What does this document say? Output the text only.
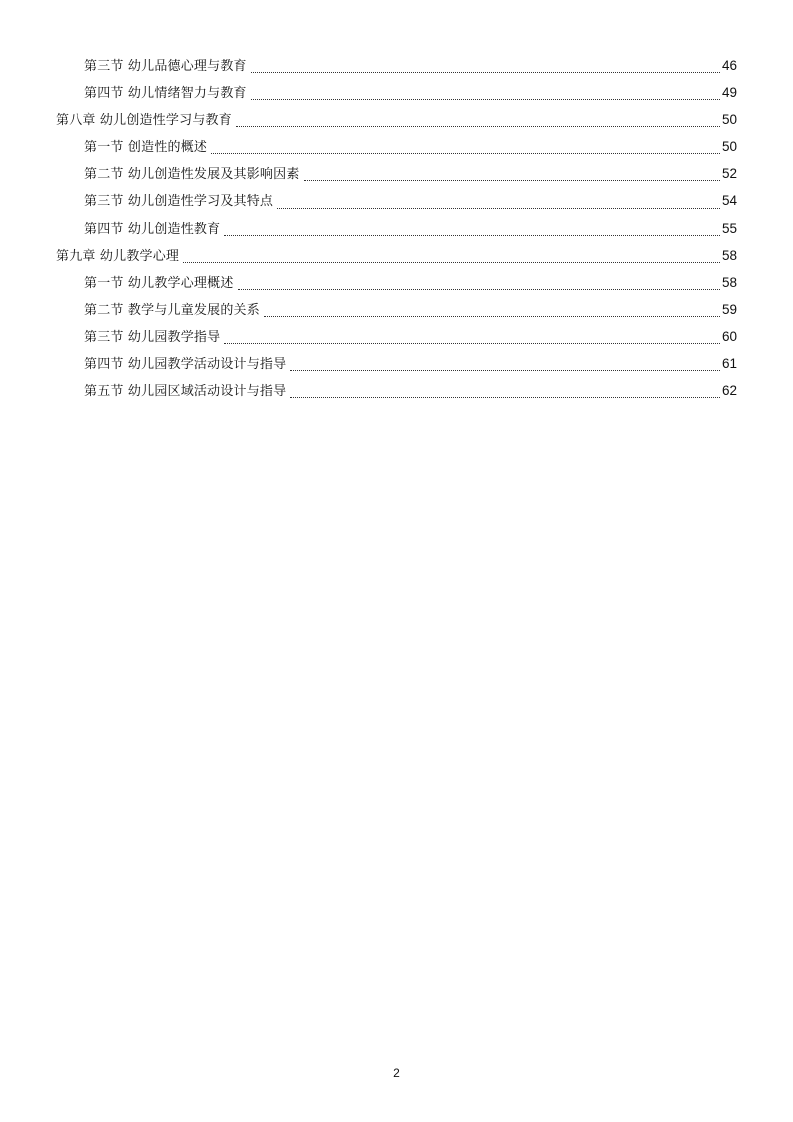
第三节 幼儿品德心理与教育	46
第四节 幼儿情绪智力与教育	49
第八章 幼儿创造性学习与教育	50
第一节 创造性的概述	50
第二节 幼儿创造性发展及其影响因素	52
第三节 幼儿创造性学习及其特点	54
第四节 幼儿创造性教育	55
第九章 幼儿教学心理	58
第一节 幼儿教学心理概述	58
第二节 教学与儿童发展的关系	59
第三节 幼儿园教学指导	60
第四节 幼儿园教学活动设计与指导	61
第五节 幼儿园区域活动设计与指导	62
2
